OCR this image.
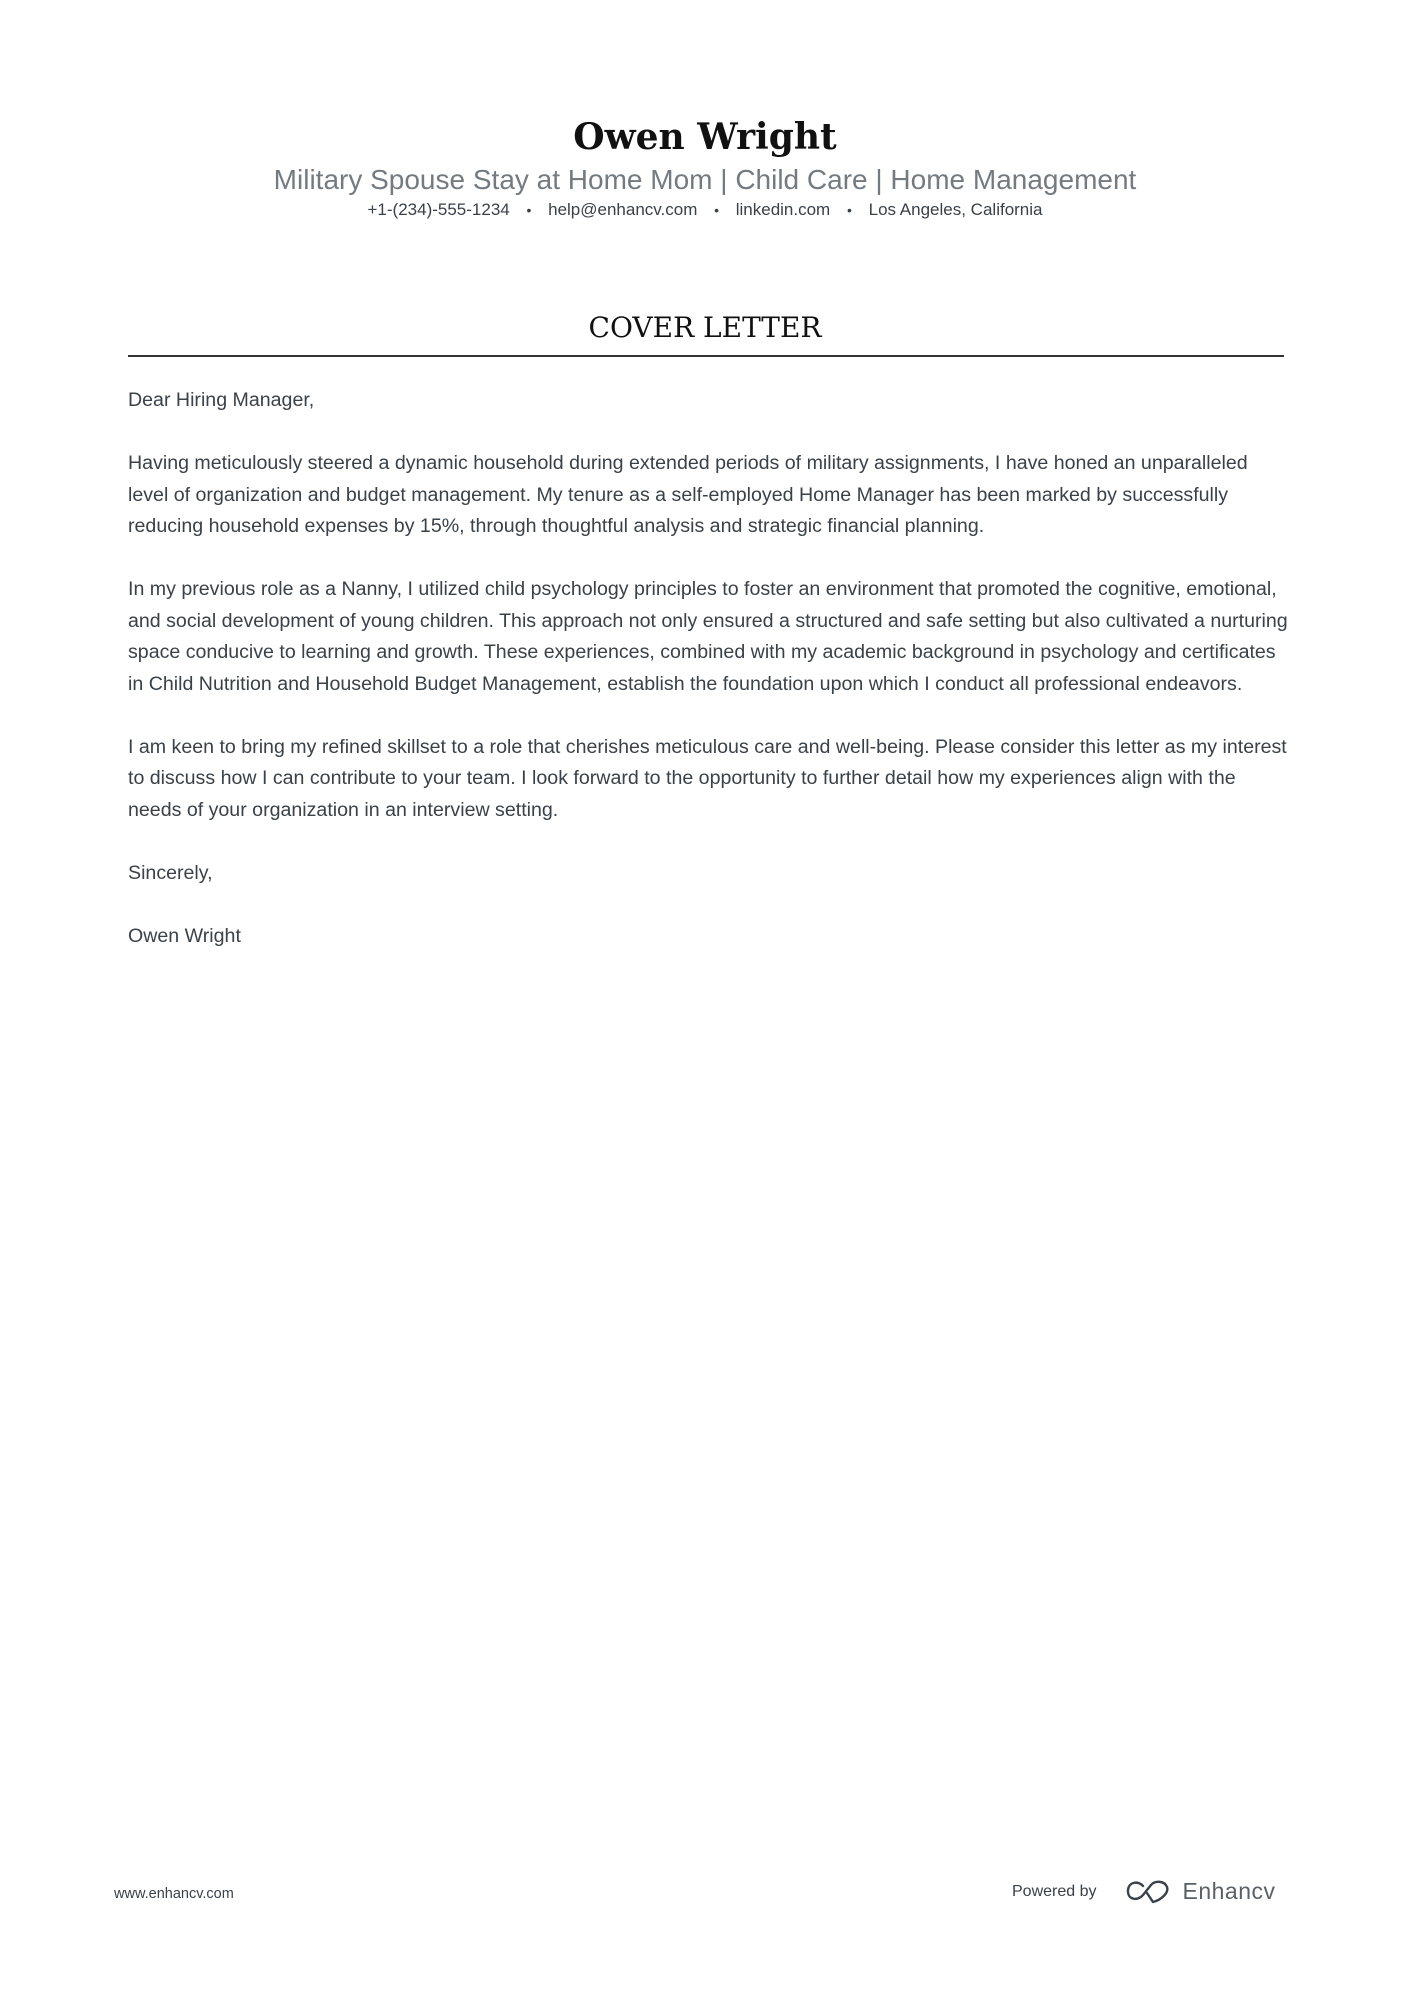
Owen Wright
Military Spouse Stay at Home Mom | Child Care | Home Management
+1-(234)-555-1234 • help@enhancv.com • linkedin.com • Los Angeles, California
COVER LETTER

Dear Hiring Manager,

Having meticulously steered a dynamic household during extended periods of military assignments, I have honed an unparalleled level of organization and budget management. My tenure as a self-employed Home Manager has been marked by successfully reducing household expenses by 15%, through thoughtful analysis and strategic financial planning.

In my previous role as a Nanny, I utilized child psychology principles to foster an environment that promoted the cognitive, emotional, and social development of young children. This approach not only ensured a structured and safe setting but also cultivated a nurturing space conducive to learning and growth. These experiences, combined with my academic background in psychology and certificates in Child Nutrition and Household Budget Management, establish the foundation upon which I conduct all professional endeavors.

I am keen to bring my refined skillset to a role that cherishes meticulous care and well-being. Please consider this letter as my interest to discuss how I can contribute to your team. I look forward to the opportunity to further detail how my experiences align with the needs of your organization in an interview setting.

Sincerely,

Owen Wright

www.enhancv.com	Powered by	Enhancv
